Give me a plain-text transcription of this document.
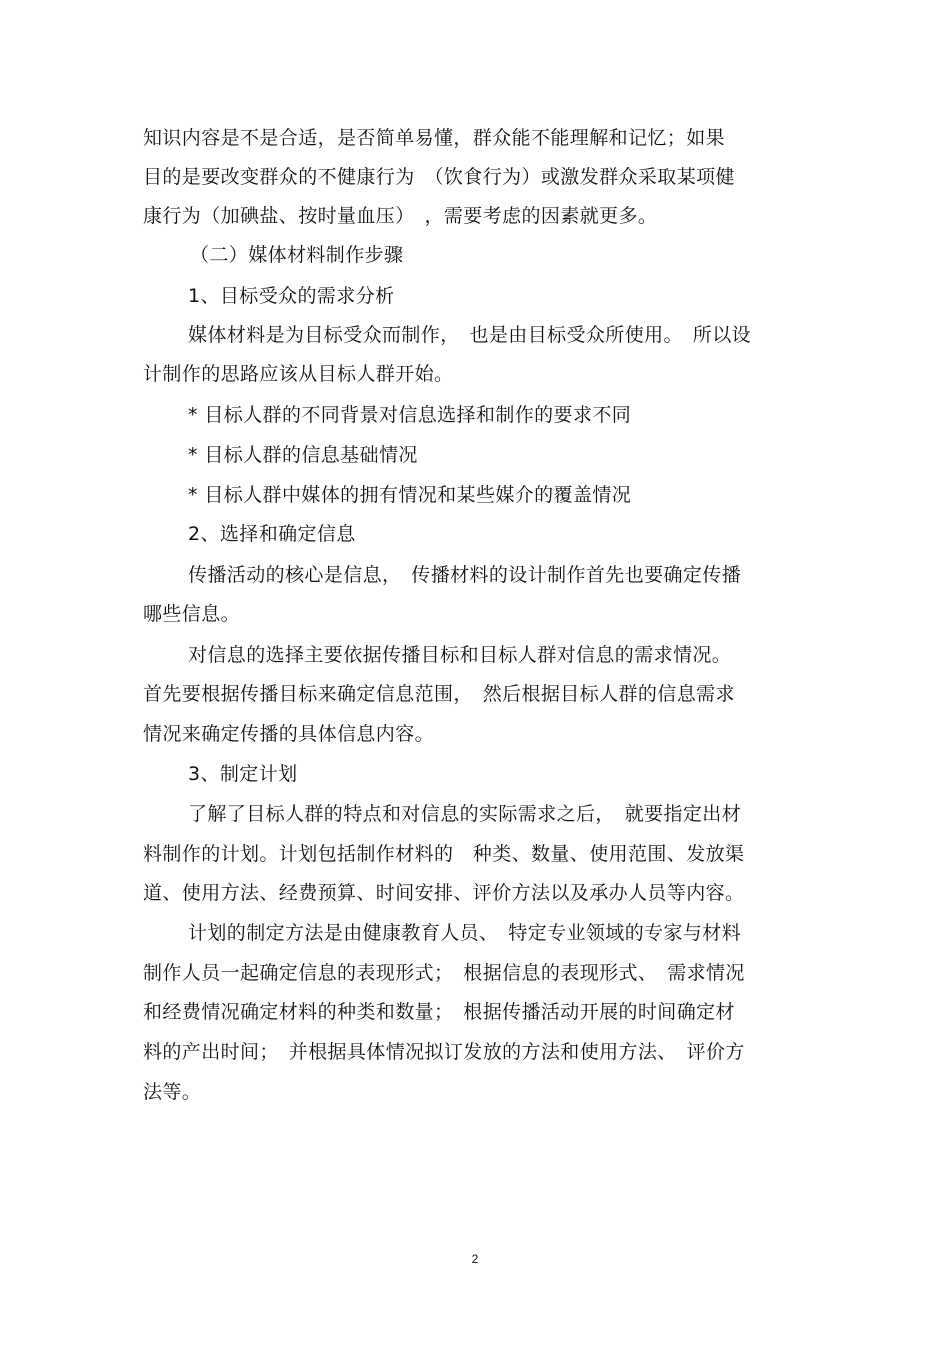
知识内容是不是合适，是否简单易懂，群众能不能理解和记忆；如果
目的是要改变群众的不健康行为　（饮食行为）或激发群众采取某项健
康行为（加碘盐、按时量血压）　，需要考虑的因素就更多。
（二）媒体材料制作步骤
1、目标受众的需求分析
媒体材料是为目标受众而制作，　也是由目标受众所使用。　所以设
计制作的思路应该从目标人群开始。
* 目标人群的不同背景对信息选择和制作的要求不同
* 目标人群的信息基础情况
* 目标人群中媒体的拥有情况和某些媒介的覆盖情况
2、选择和确定信息
传播活动的核心是信息，　传播材料的设计制作首先也要确定传播
哪些信息。
对信息的选择主要依据传播目标和目标人群对信息的需求情况。
首先要根据传播目标来确定信息范围，　然后根据目标人群的信息需求
情况来确定传播的具体信息内容。
3、制定计划
了解了目标人群的特点和对信息的实际需求之后，　就要指定出材
料制作的计划。计划包括制作材料的　种类、数量、使用范围、发放渠
道、使用方法、经费预算、时间安排、评价方法以及承办人员等内容。
计划的制定方法是由健康教育人员、　特定专业领域的专家与材料
制作人员一起确定信息的表现形式；　根据信息的表现形式、　需求情况
和经费情况确定材料的种类和数量；　根据传播活动开展的时间确定材
料的产出时间；　并根据具体情况拟订发放的方法和使用方法、　评价方
法等。
2
